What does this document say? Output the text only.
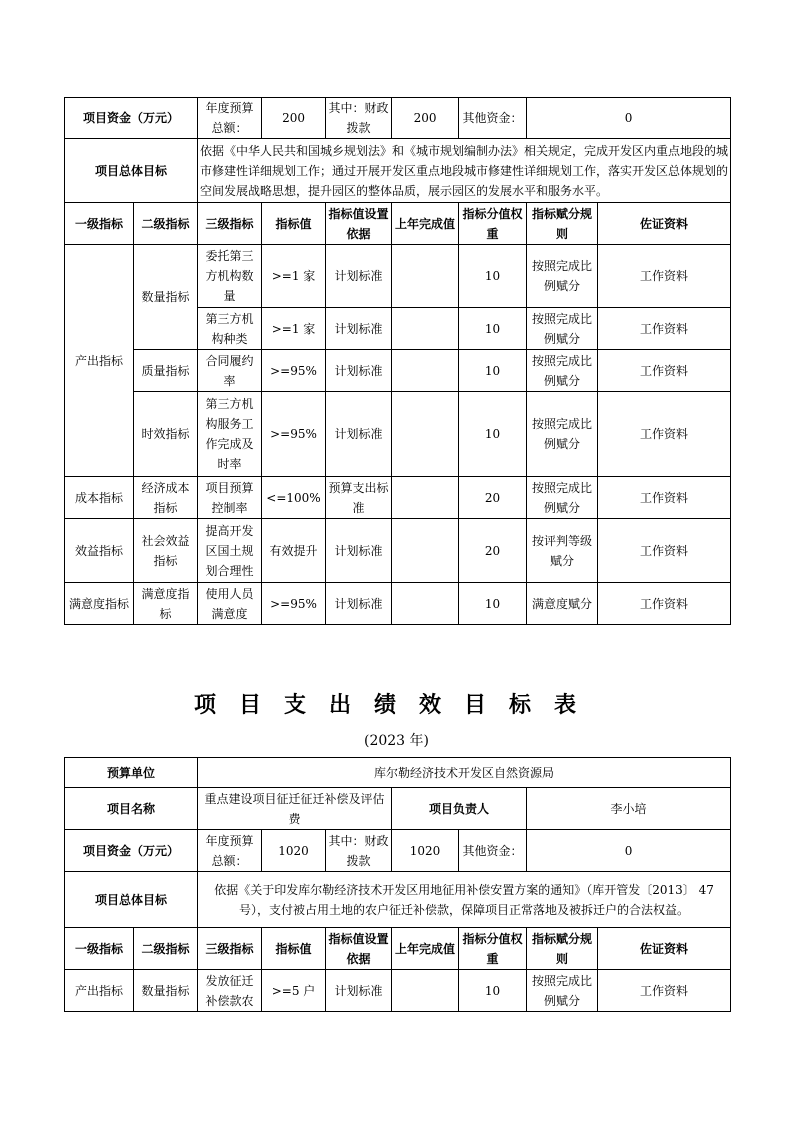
项目资金（万元）		年度预算总额：	200	其中：财政拨款	200	其他资金：	0	
项目总体目标		依据《中华人民共和国城乡规划法》和《城市规划编制办法》相关规定，完成开发区内重点地段的城市修建性详细规划工作；通过开展开发区重点地段城市修建性详细规划工作，落实开发区总体规划的空间发展战略思想，提升园区的整体品质，展示园区的发展水平和服务水平。						
一级指标	二级指标	三级指标	指标值	指标值设置依据	上年完成值	指标分值权重	指标赋分规则	佐证资料
产出指标	数量指标	委托第三方机构数量	>=1 家	计划标准		10	按照完成比例赋分	工作资料
		第三方机构种类	>=1 家	计划标准		10	按照完成比例赋分	工作资料
	质量指标	合同履约率	>=95%	计划标准		10	按照完成比例赋分	工作资料
	时效指标	第三方机构服务工作完成及时率	>=95%	计划标准		10	按照完成比例赋分	工作资料
成本指标	经济成本指标	项目预算控制率	<=100%	预算支出标准		20	按照完成比例赋分	工作资料
效益指标	社会效益指标	提高开发区国土规划合理性	有效提升	计划标准		20	按评判等级赋分	工作资料
满意度指标	满意度指标	使用人员满意度	>=95%	计划标准		10	满意度赋分	工作资料
项目支出绩效目标表
(2023 年)
预算单位		库尔勒经济技术开发区自然资源局						
项目名称		重点建设项目征迁征迁补偿及评估费			项目负责人		李小培	
项目资金（万元）		年度预算总额：	1020	其中：财政拨款	1020	其他资金：	0	
项目总体目标		依据《关于印发库尔勒经济技术开发区用地征用补偿安置方案的通知》（库开管发〔2013〕 47 号），支付被占用土地的农户征迁补偿款，保障项目正常落地及被拆迁户的合法权益。						
一级指标	二级指标	三级指标	指标值	指标值设置依据	上年完成值	指标分值权重	指标赋分规则	佐证资料
产出指标	数量指标	发放征迁补偿款农	>=5 户	计划标准		10	按照完成比例赋分	工作资料
